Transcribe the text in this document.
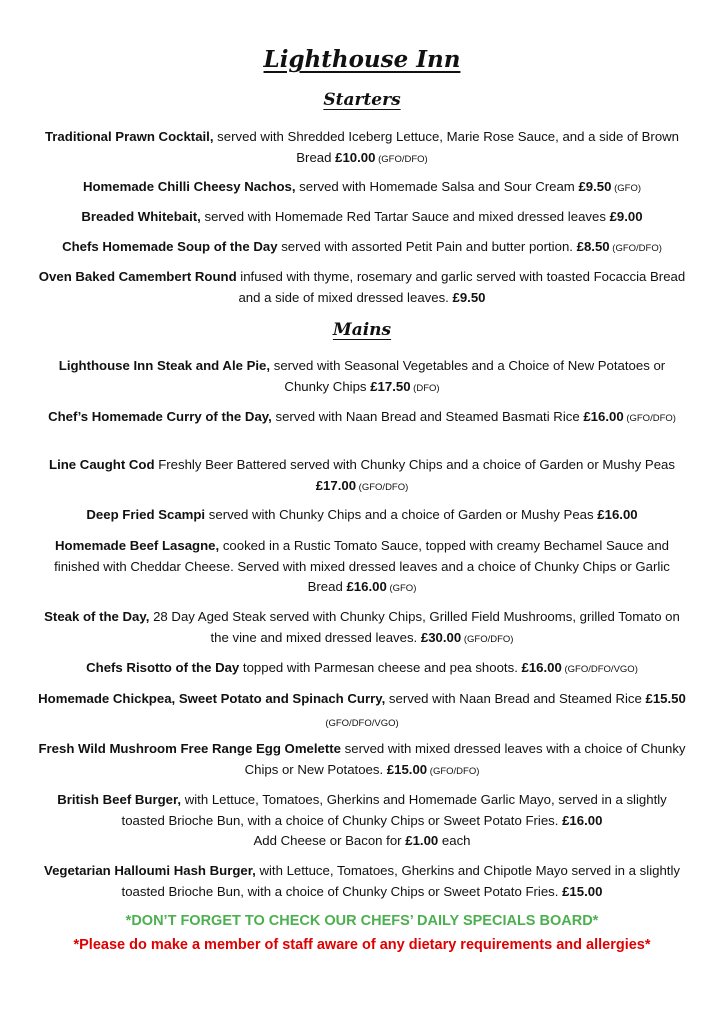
Lighthouse Inn
Starters
Traditional Prawn Cocktail, served with Shredded Iceberg Lettuce, Marie Rose Sauce, and a side of Brown Bread £10.00 (GFO/DFO)
Homemade Chilli Cheesy Nachos, served with Homemade Salsa and Sour Cream £9.50 (GFO)
Breaded Whitebait, served with Homemade Red Tartar Sauce and mixed dressed leaves £9.00
Chefs Homemade Soup of the Day served with assorted Petit Pain and butter portion. £8.50 (GFO/DFO)
Oven Baked Camembert Round infused with thyme, rosemary and garlic served with toasted Focaccia Bread and a side of mixed dressed leaves. £9.50
Mains
Lighthouse Inn Steak and Ale Pie, served with Seasonal Vegetables and a Choice of New Potatoes or Chunky Chips £17.50 (DFO)
Chef’s Homemade Curry of the Day, served with Naan Bread and Steamed Basmati Rice £16.00 (GFO/DFO)
Line Caught Cod Freshly Beer Battered served with Chunky Chips and a choice of Garden or Mushy Peas £17.00 (GFO/DFO)
Deep Fried Scampi served with Chunky Chips and a choice of Garden or Mushy Peas £16.00
Homemade Beef Lasagne, cooked in a Rustic Tomato Sauce, topped with creamy Bechamel Sauce and finished with Cheddar Cheese. Served with mixed dressed leaves and a choice of Chunky Chips or Garlic Bread £16.00 (GFO)
Steak of the Day, 28 Day Aged Steak served with Chunky Chips, Grilled Field Mushrooms, grilled Tomato on the vine and mixed dressed leaves. £30.00 (GFO/DFO)
Chefs Risotto of the Day topped with Parmesan cheese and pea shoots. £16.00 (GFO/DFO/VGO)
Homemade Chickpea, Sweet Potato and Spinach Curry, served with Naan Bread and Steamed Rice £15.50 (GFO/DFO/VGO)
Fresh Wild Mushroom Free Range Egg Omelette served with mixed dressed leaves with a choice of Chunky Chips or New Potatoes. £15.00 (GFO/DFO)
British Beef Burger, with Lettuce, Tomatoes, Gherkins and Homemade Garlic Mayo, served in a slightly toasted Brioche Bun, with a choice of Chunky Chips or Sweet Potato Fries. £16.00
Add Cheese or Bacon for £1.00 each
Vegetarian Halloumi Hash Burger, with Lettuce, Tomatoes, Gherkins and Chipotle Mayo served in a slightly toasted Brioche Bun, with a choice of Chunky Chips or Sweet Potato Fries. £15.00
*DON’T FORGET TO CHECK OUR CHEFS’ DAILY SPECIALS BOARD*
*Please do make a member of staff aware of any dietary requirements and allergies*
